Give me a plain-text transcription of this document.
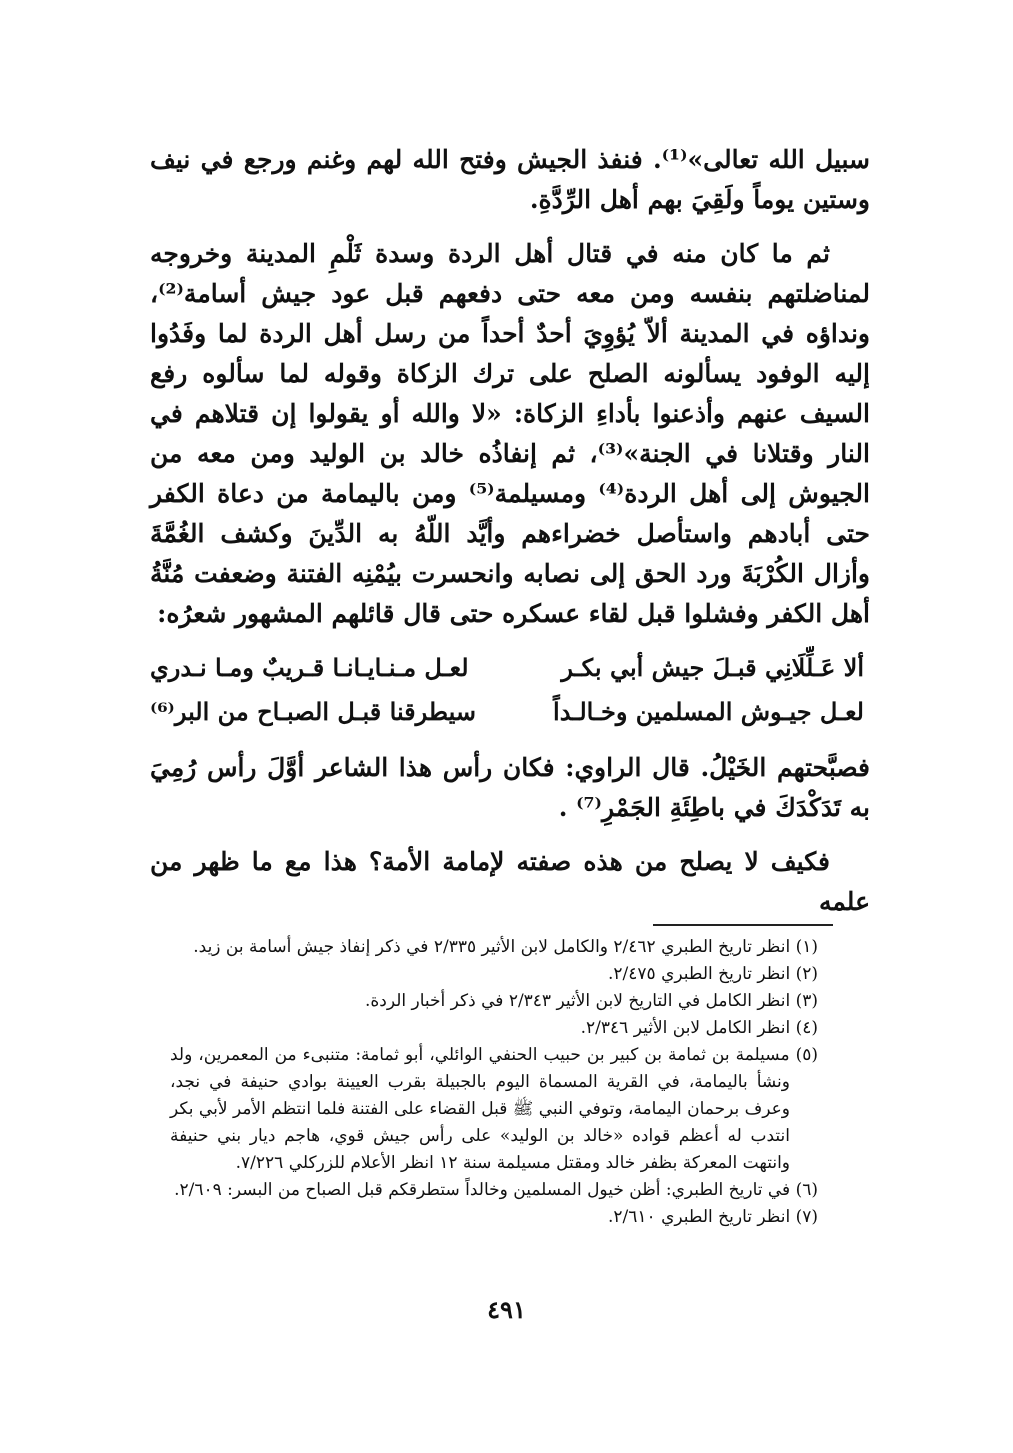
سبيل الله تعالى»⁽¹⁾. فنفذ الجيش وفتح الله لهم وغنم ورجع في نيف وستين يوماً ولَقِيَ بهم أهل الرِّدَّةِ.

ثم ما كان منه في قتال أهل الردة وسدة ثَلْمِ المدينة وخروجه لمناضلتهم بنفسه ومن معه حتى دفعهم قبل عود جيش أسامة⁽²⁾، ونداؤه في المدينة ألاّ يُؤوِيَ أحدٌ أحداً من رسل أهل الردة لما وفَدُوا إليه الوفود يسألونه الصلح على ترك الزكاة وقوله لما سألوه رفع السيف عنهم وأذعنوا بأداءِ الزكاة: «لا والله أو يقولوا إن قتلاهم في النار وقتلانا في الجنة»⁽³⁾، ثم إنفاذُه خالد بن الوليد ومن معه من الجيوش إلى أهل الردة⁽⁴⁾ ومسيلمة⁽⁵⁾ ومن باليمامة من دعاة الكفر حتى أبادهم واستأصل خضراءهم وأيَّد اللّهُ به الدِّينَ وكشف الغُمَّةَ وأزال الكُرْبَةَ ورد الحق إلى نصابه وانحسرت بيُمْنِه الفتنة وضعفت مُنَّةُ أهل الكفر وفشلوا قبل لقاء عسكره حتى قال قائلهم المشهور شعرُه:

ألا عَـلِّلَانِي قبـلَ جيش أبي بكـر
لعـل مـنـايـانـا قـريبٌ ومـا نـدري
لعـل جيـوش المسلمين وخـالـداً
سيطرقنا قبـل الصبـاح من البر⁽⁶⁾

فصبَّحتهم الخَيْلُ. قال الراوي: فكان رأس هذا الشاعر أوَّلَ رأس رُمِيَ به تَدَكْدَكَ في باطِئَةِ الجَمْرِ⁽⁷⁾ .

فكيف لا يصلح من هذه صفته لإمامة الأمة؟ هذا مع ما ظهر من علمه

(١) انظر تاريخ الطبري ٢/٤٦٢ والكامل لابن الأثير ٢/٣٣٥ في ذكر إنفاذ جيش أسامة بن زيد.

(٢) انظر تاريخ الطبري ٢/٤٧٥.

(٣) انظر الكامل في التاريخ لابن الأثير ٢/٣٤٣ في ذكر أخبار الردة.

(٤) انظر الكامل لابن الأثير ٢/٣٤٦.

(٥) مسيلمة بن ثمامة بن كبير بن حبيب الحنفي الوائلي، أبو ثمامة: متنبىء من المعمرين، ولد ونشأ باليمامة، في القرية المسماة اليوم بالجبيلة بقرب العيينة بوادي حنيفة في نجد، وعرف برحمان اليمامة، وتوفي النبي ﷺ قبل القضاء على الفتنة فلما انتظم الأمر لأبي بكر انتدب له أعظم قواده «خالد بن الوليد» على رأس جيش قوي، هاجم ديار بني حنيفة وانتهت المعركة بظفر خالد ومقتل مسيلمة سنة ١٢ انظر الأعلام للزركلي ٧/٢٢٦.

(٦) في تاريخ الطبري: أظن خيول المسلمين وخالداً ستطرقكم قبل الصباح من البسر: ٢/٦٠٩.

(٧) انظر تاريخ الطبري ٢/٦١٠.

٤٩١
